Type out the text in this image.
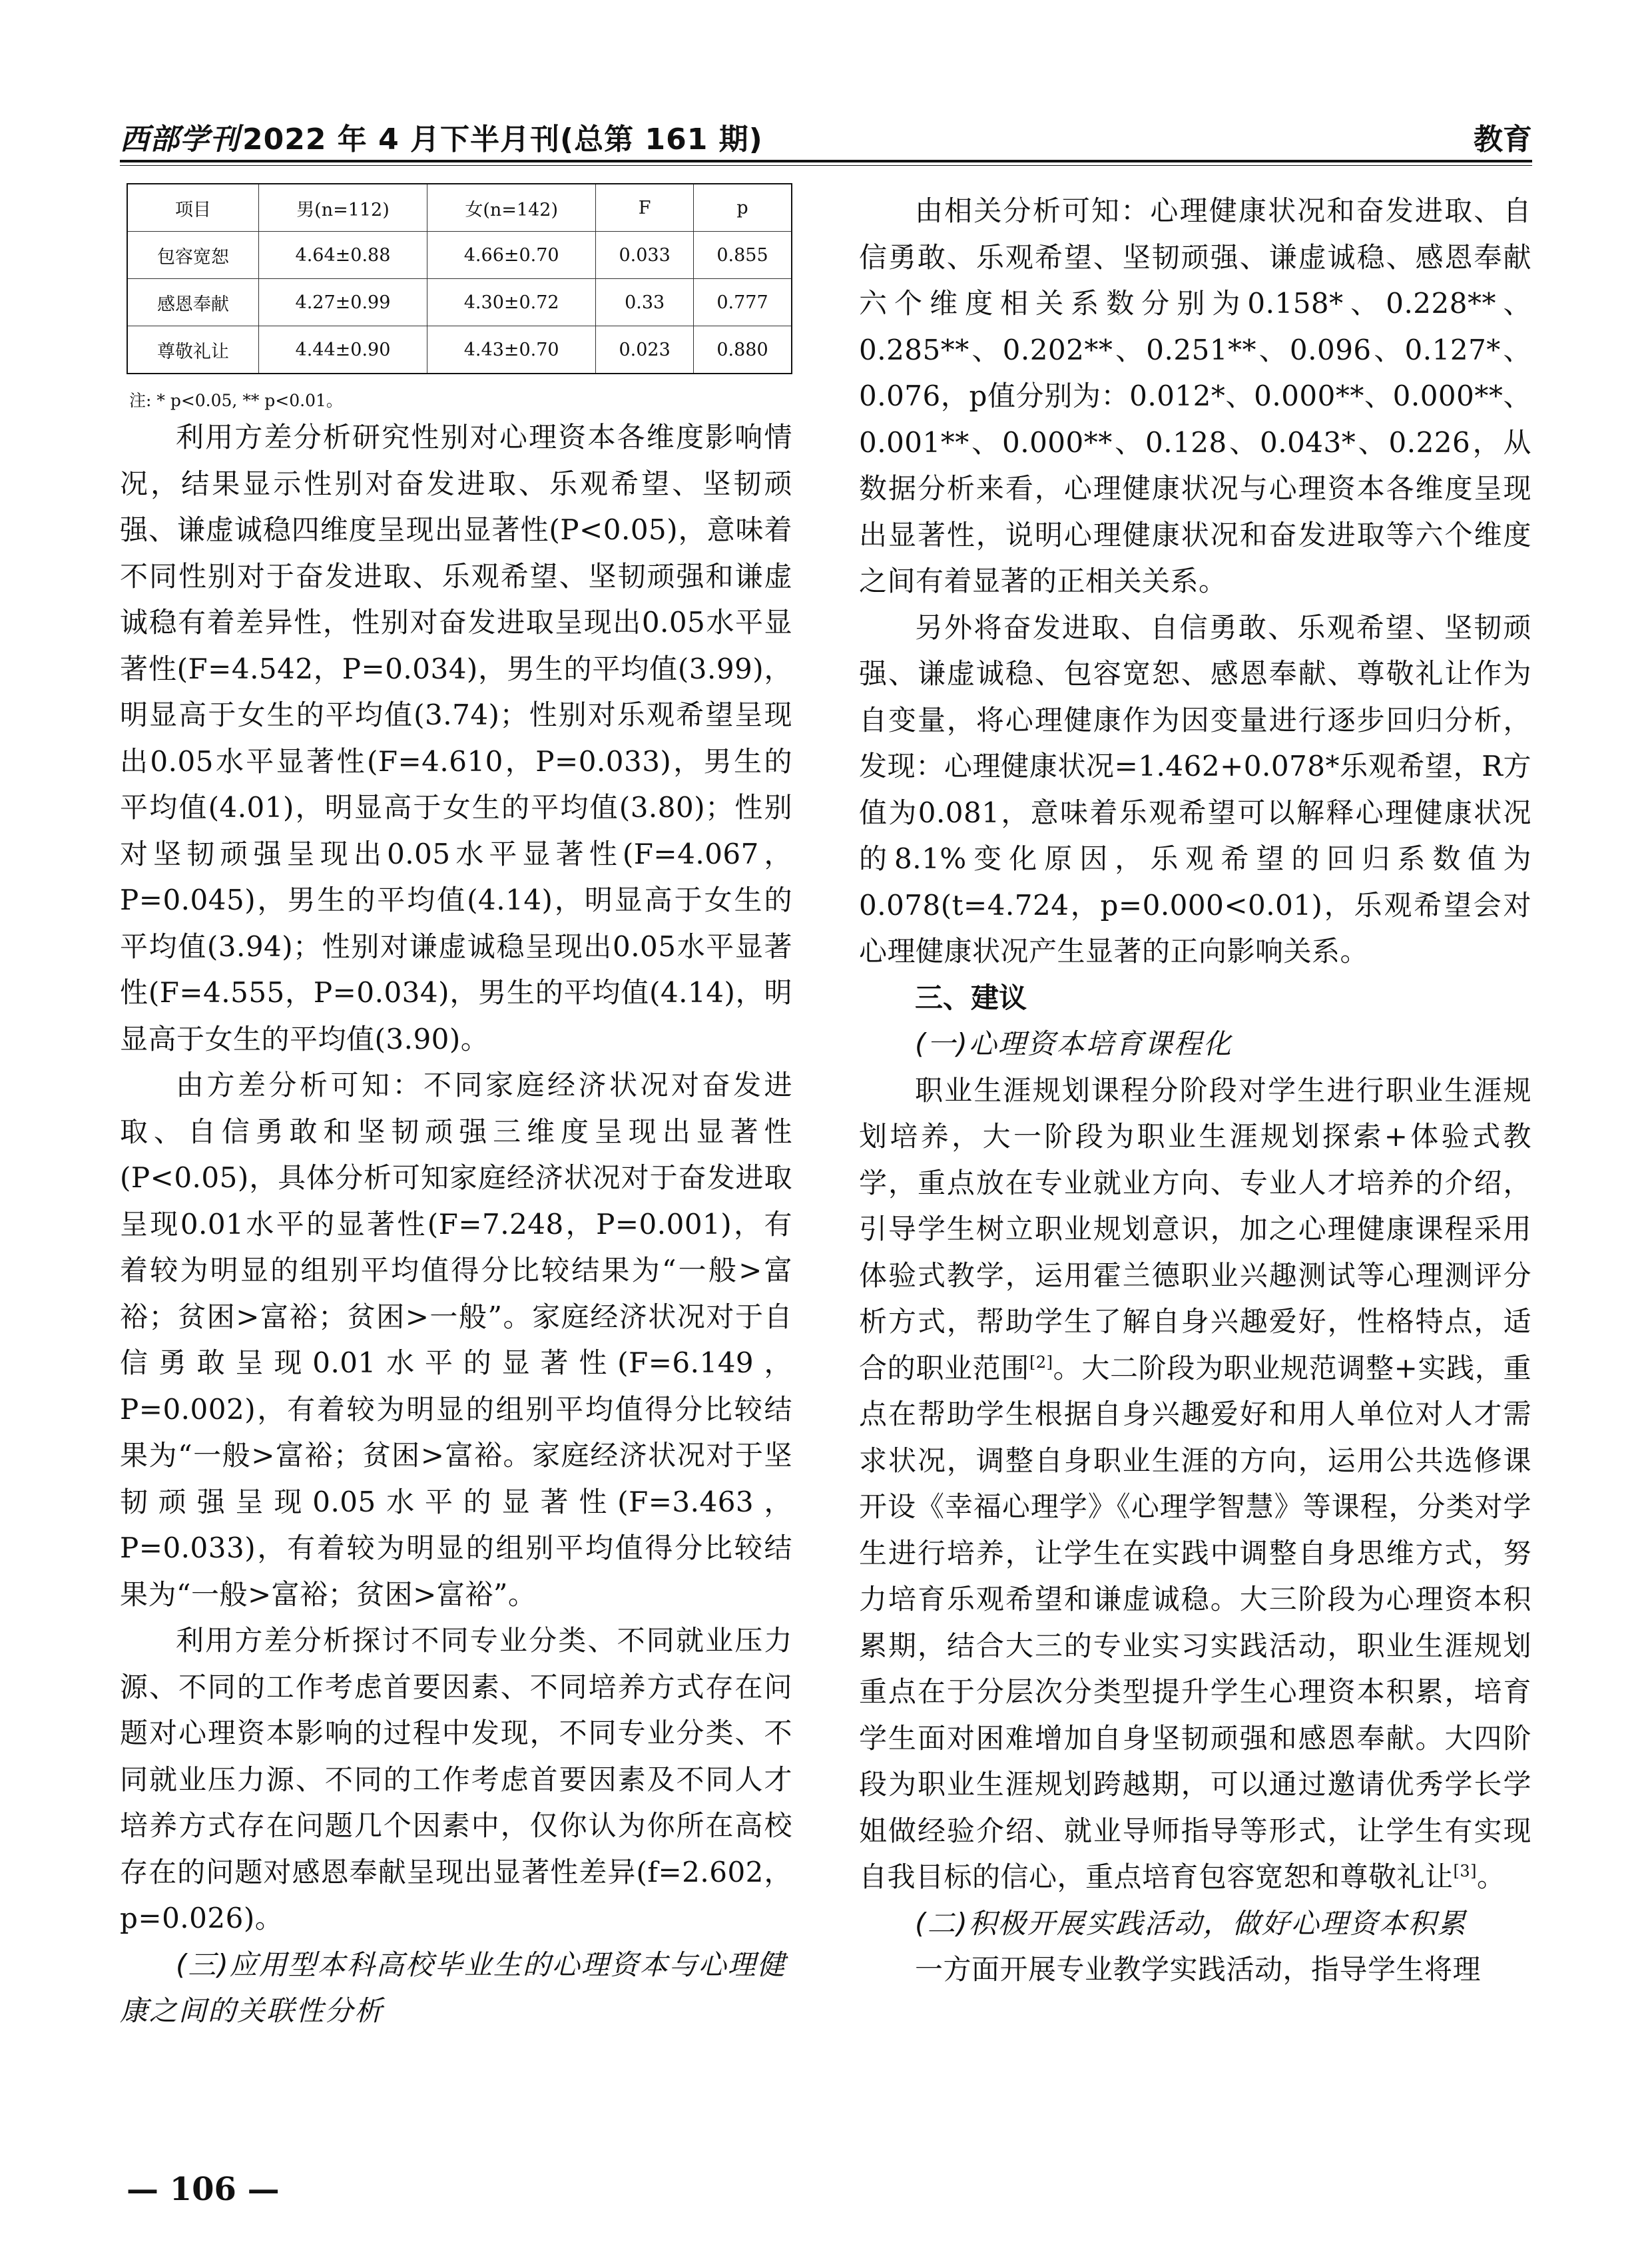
西部学刊2022 年 4 月下半月刊(总第 161 期)	教育
项目	男(n=112)	女(n=142)	F	p
包容宽恕	4.64±0.88	4.66±0.70	0.033	0.855
感恩奉献	4.27±0.99	4.30±0.72	0.33	0.777
尊敬礼让	4.44±0.90	4.43±0.70	0.023	0.880
注: * p<0.05, ** p<0.01。

利用方差分析研究性别对心理资本各维度影响情况，结果显示性别对奋发进取、乐观希望、坚韧顽强、谦虚诚稳四维度呈现出显著性(P<0.05)，意味着不同性别对于奋发进取、乐观希望、坚韧顽强和谦虚诚稳有着差异性，性别对奋发进取呈现出0.05水平显著性(F=4.542，P=0.034)，男生的平均值(3.99)，明显高于女生的平均值(3.74)；性别对乐观希望呈现出0.05水平显著性(F=4.610，P=0.033)，男生的平均值(4.01)，明显高于女生的平均值(3.80)；性别对坚韧顽强呈现出0.05水平显著性(F=4.067，P=0.045)，男生的平均值(4.14)，明显高于女生的平均值(3.94)；性别对谦虚诚稳呈现出0.05水平显著性(F=4.555，P=0.034)，男生的平均值(4.14)，明显高于女生的平均值(3.90)。

由方差分析可知：不同家庭经济状况对奋发进取、自信勇敢和坚韧顽强三维度呈现出显著性(P<0.05)，具体分析可知家庭经济状况对于奋发进取呈现0.01水平的显著性(F=7.248，P=0.001)，有着较为明显的组别平均值得分比较结果为“一般>富裕；贫困>富裕；贫困>一般”。家庭经济状况对于自信勇敢呈现0.01水平的显著性(F=6.149，P=0.002)，有着较为明显的组别平均值得分比较结果为“一般>富裕；贫困>富裕。家庭经济状况对于坚韧顽强呈现0.05水平的显著性(F=3.463，P=0.033)，有着较为明显的组别平均值得分比较结果为“一般>富裕；贫困>富裕”。

利用方差分析探讨不同专业分类、不同就业压力源、不同的工作考虑首要因素、不同培养方式存在问题对心理资本影响的过程中发现，不同专业分类、不同就业压力源、不同的工作考虑首要因素及不同人才培养方式存在问题几个因素中，仅你认为你所在高校存在的问题对感恩奉献呈现出显著性差异(f=2.602，p=0.026)。

(三)应用型本科高校毕业生的心理资本与心理健康之间的关联性分析

由相关分析可知：心理健康状况和奋发进取、自信勇敢、乐观希望、坚韧顽强、谦虚诚稳、感恩奉献六个维度相关系数分别为0.158*、0.228**、0.285**、0.202**、0.251**、0.096、0.127*、0.076，p值分别为：0.012*、0.000**、0.000**、0.001**、0.000**、0.128、0.043*、0.226，从数据分析来看，心理健康状况与心理资本各维度呈现出显著性，说明心理健康状况和奋发进取等六个维度之间有着显著的正相关关系。

另外将奋发进取、自信勇敢、乐观希望、坚韧顽强、谦虚诚稳、包容宽恕、感恩奉献、尊敬礼让作为自变量，将心理健康作为因变量进行逐步回归分析，发现：心理健康状况=1.462+0.078*乐观希望，R方值为0.081，意味着乐观希望可以解释心理健康状况的8.1%变化原因，乐观希望的回归系数值为0.078(t=4.724，p=0.000<0.01)，乐观希望会对心理健康状况产生显著的正向影响关系。

三、建议
(一)心理资本培育课程化

职业生涯规划课程分阶段对学生进行职业生涯规划培养，大一阶段为职业生涯规划探索+体验式教学，重点放在专业就业方向、专业人才培养的介绍，引导学生树立职业规划意识，加之心理健康课程采用体验式教学，运用霍兰德职业兴趣测试等心理测评分析方式，帮助学生了解自身兴趣爱好，性格特点，适合的职业范围[2]。大二阶段为职业规范调整+实践，重点在帮助学生根据自身兴趣爱好和用人单位对人才需求状况，调整自身职业生涯的方向，运用公共选修课开设《幸福心理学》《心理学智慧》等课程，分类对学生进行培养，让学生在实践中调整自身思维方式，努力培育乐观希望和谦虚诚稳。大三阶段为心理资本积累期，结合大三的专业实习实践活动，职业生涯规划重点在于分层次分类型提升学生心理资本积累，培育学生面对困难增加自身坚韧顽强和感恩奉献。大四阶段为职业生涯规划跨越期，可以通过邀请优秀学长学姐做经验介绍、就业导师指导等形式，让学生有实现自我目标的信心，重点培育包容宽恕和尊敬礼让[3]。

(二)积极开展实践活动，做好心理资本积累

一方面开展专业教学实践活动，指导学生将理

— 106 —
